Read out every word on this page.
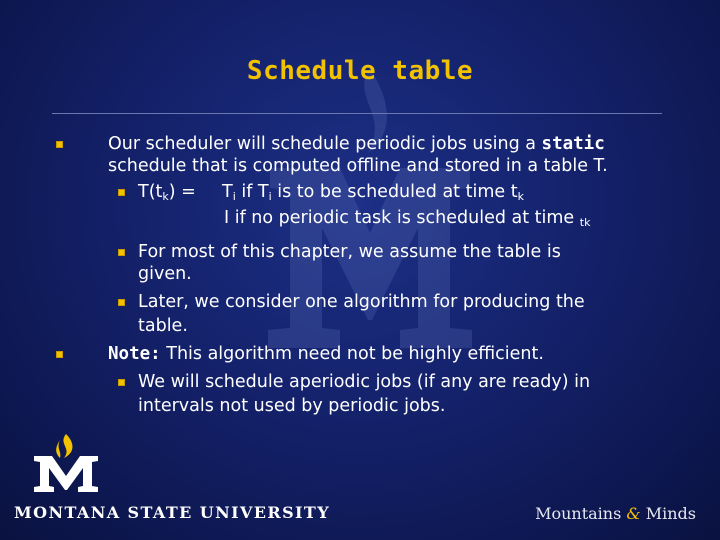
Schedule table
Our scheduler will schedule periodic jobs using a static
schedule that is computed offline and stored in a table T.
$T(t_k) = T_i$ if $T_i$ is to be scheduled at time $t_k$
I if no periodic task is scheduled at time $_{tk}$
For most of this chapter, we assume the table is
given.
Later, we consider one algorithm for producing the
table.
Note: This algorithm need not be highly efficient.
We will schedule aperiodic jobs (if any are ready) in
intervals not used by periodic jobs.
MONTANA STATE UNIVERSITY	Mountains & Minds
